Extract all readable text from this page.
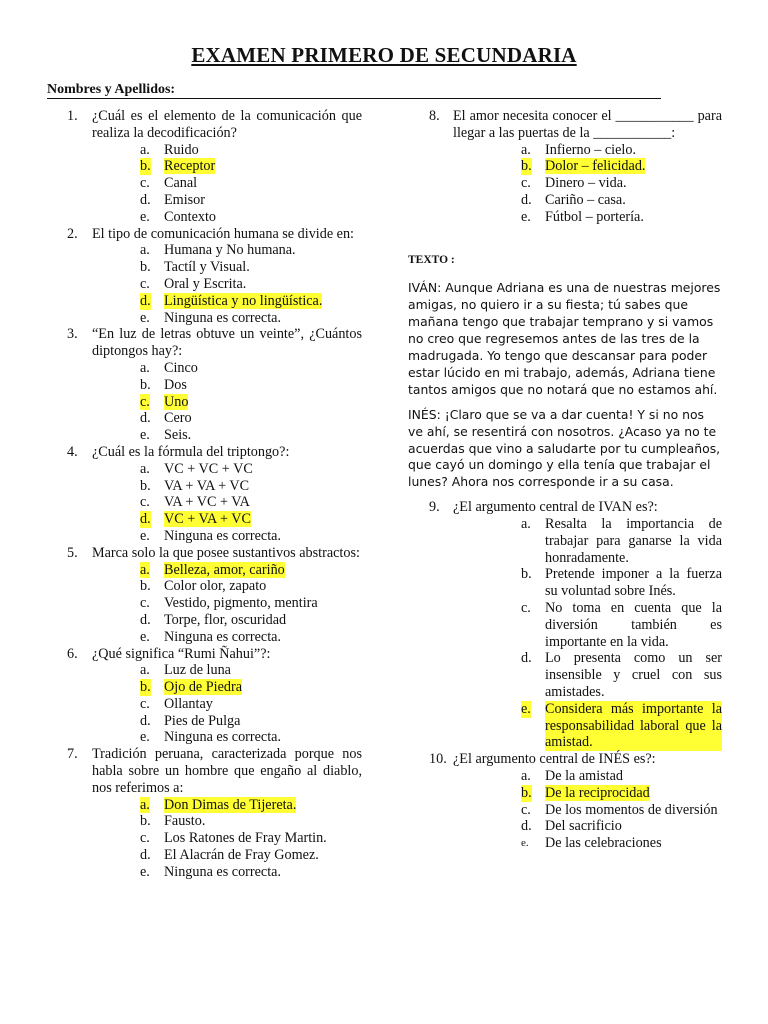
EXAMEN PRIMERO DE SECUNDARIA
Nombres y Apellidos:
1. ¿Cuál es el elemento de la comunicación que realiza la decodificación?
a. Ruido
b. Receptor
c. Canal
d. Emisor
e. Contexto
2. El tipo de comunicación humana se divide en:
a. Humana y No humana.
b. Tactíl y Visual.
c. Oral y Escrita.
d. Lingüística y no lingüística.
e. Ninguna es correcta.
3. “En luz de letras obtuve un veinte”, ¿Cuántos diptongos hay?:
a. Cinco
b. Dos
c. Uno
d. Cero
e. Seis.
4. ¿Cuál es la fórmula del triptongo?:
a. VC + VC + VC
b. VA + VA + VC
c. VA + VC + VA
d. VC + VA + VC
e. Ninguna es correcta.
5. Marca solo la que posee sustantivos abstractos:
a. Belleza, amor, cariño
b. Color olor, zapato
c. Vestido, pigmento, mentira
d. Torpe, flor, oscuridad
e. Ninguna es correcta.
6. ¿Qué significa “Rumi Ñahui”?:
a. Luz de luna
b. Ojo de Piedra
c. Ollantay
d. Pies de Pulga
e. Ninguna es correcta.
7. Tradición peruana, caracterizada porque nos habla sobre un hombre que engaño al diablo, nos referimos a:
a. Don Dimas de Tijereta.
b. Fausto.
c. Los Ratones de Fray Martin.
d. El Alacrán de Fray Gomez.
e. Ninguna es correcta.
8. El amor necesita conocer el ___________ para llegar a las puertas de la ___________:
a. Infierno – cielo.
b. Dolor – felicidad.
c. Dinero – vida.
d. Cariño – casa.
e. Fútbol – portería.
TEXTO :

IVÁN: Aunque Adriana es una de nuestras mejores amigas, no quiero ir a su fiesta; tú sabes que mañana tengo que trabajar temprano y si vamos no creo que regresemos antes de las tres de la madrugada. Yo tengo que descansar para poder estar lúcido en mi trabajo, además, Adriana tiene tantos amigos que no notará que no estamos ahí.

INÉS: ¡Claro que se va a dar cuenta! Y si no nos ve ahí, se resentirá con nosotros. ¿Acaso ya no te acuerdas que vino a saludarte por tu cumpleaños, que cayó un domingo y ella tenía que trabajar el lunes? Ahora nos corresponde ir a su casa.

9. ¿El argumento central de IVAN es?:
a. Resalta la importancia de trabajar para ganarse la vida honradamente.
b. Pretende imponer a la fuerza su voluntad sobre Inés.
c. No toma en cuenta que la diversión también es importante en la vida.
d. Lo presenta como un ser insensible y cruel con sus amistades.
e. Considera más importante la responsabilidad laboral que la amistad.
10. ¿El argumento central de INÉS es?:
a. De la amistad
b. De la reciprocidad
c. De los momentos de diversión
d. Del sacrificio
e. De las celebraciones
